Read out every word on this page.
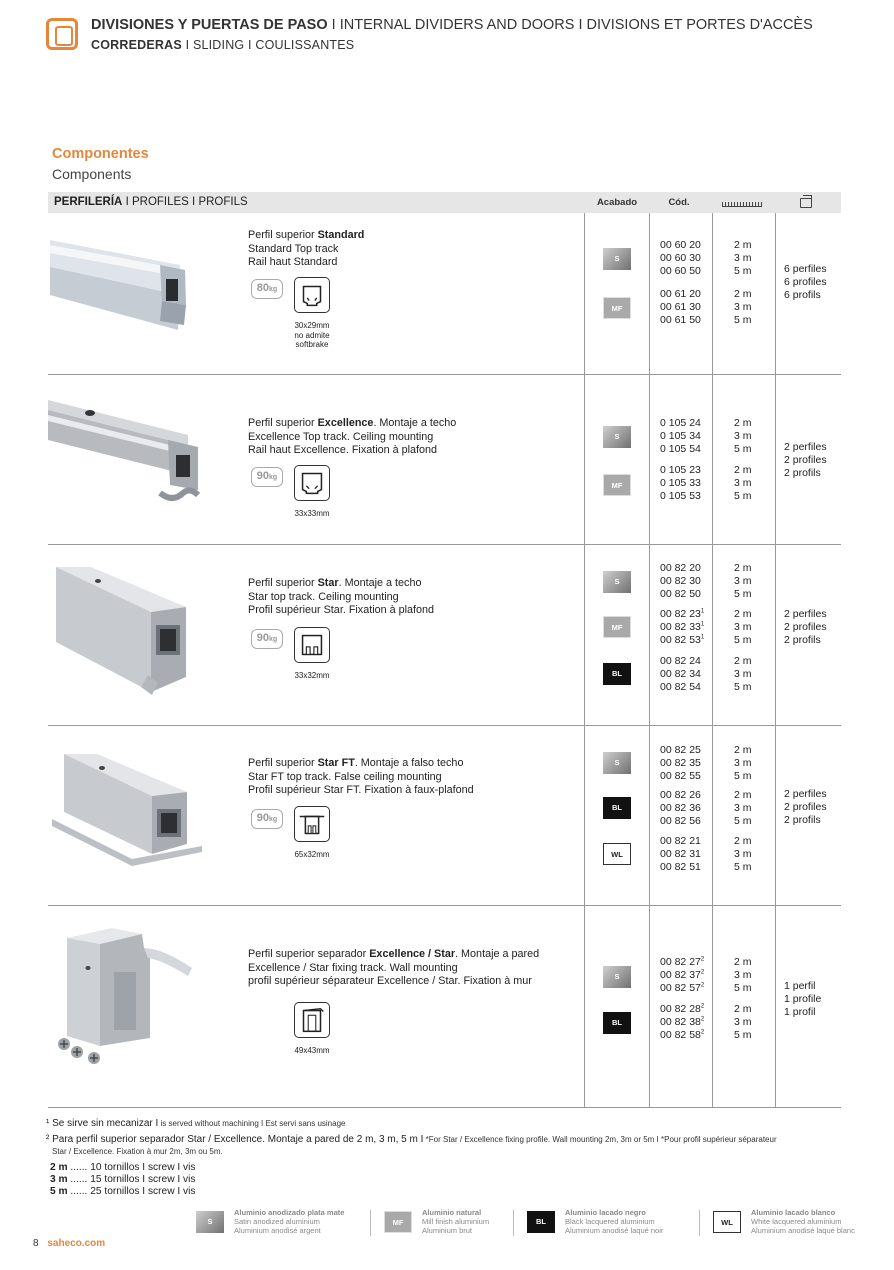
DIVISIONES Y PUERTAS DE PASO I INTERNAL DIVIDERS AND DOORS I DIVISIONS ET PORTES D'ACCÈS
CORREDERAS I SLIDING I COULISSANTES
Componentes
Components
PERFILERÍA I PROFILES I PROFILS	Acabado	Cód.
Perfil superior Standard
Standard Top track
Rail haut Standard
80kg
30x29mm
no admite
softbrake
S
MF
00 60 20
00 60 30
00 60 50
2 m
3 m
5 m
00 61 20
00 61 30
00 61 50
2 m
3 m
5 m
6 perfiles
6 profiles
6 profils
Perfil superior Excellence. Montaje a techo
Excellence Top track. Ceiling mounting
Rail haut Excellence. Fixation à plafond
90kg
33x33mm
S
MF
0 105 24
0 105 34
0 105 54
2 m
3 m
5 m
0 105 23
0 105 33
0 105 53
2 m
3 m
5 m
2 perfiles
2 profiles
2 profils
Perfil superior Star. Montaje a techo
Star top track. Ceiling mounting
Profil supérieur Star. Fixation à plafond
90kg
33x32mm
S
MF
BL
00 82 20
00 82 30
00 82 50
2 m
3 m
5 m
00 82 $23^1$
00 82 $33^1$
00 82 $53^1$
2 m
3 m
5 m
00 82 24
00 82 34
00 82 54
2 m
3 m
5 m
2 perfiles
2 profiles
2 profils
Perfil superior Star FT. Montaje a falso techo
Star FT top track. False ceiling mounting
Profil supérieur Star FT. Fixation à faux-plafond
90kg
65x32mm
S
BL
WL
00 82 25
00 82 35
00 82 55
2 m
3 m
5 m
00 82 26
00 82 36
00 82 56
2 m
3 m
5 m
00 82 21
00 82 31
00 82 51
2 m
3 m
5 m
2 perfiles
2 profiles
2 profils
Perfil superior separador Excellence / Star. Montaje a pared
Excellence / Star fixing track. Wall mounting
profil supérieur séparateur Excellence / Star. Fixation à mur
49x43mm
S
BL
00 82 $27^2$
00 82 $37^2$
00 82 $57^2$
2 m
3 m
5 m
00 82 $28^2$
00 82 $38^2$
00 82 $58^2$
2 m
3 m
5 m
1 perfil
1 profile
1 profil
¹ Se sirve sin mecanizar I is served without machining I Est servi sans usinage
² Para perfil superior separador Star / Excellence. Montaje a pared de 2 m, 3 m, 5 m I *For Star / Excellence fixing profile. Wall mounting 2m, 3m or 5m I *Pour profil supérieur séparateur
Star / Excellence. Fixation à mur 2m, 3m ou 5m.
2 m ...... 10 tornillos I screw I vis
3 m ...... 15 tornillos I screw I vis
5 m ...... 25 tornillos I screw I vis
S
Aluminio anodizado plata mate
Satin anodized aluminium
Aluminium anodisé argent
MF
Aluminio natural
Mill finish aluminium
Aluminium brut
BL
Aluminio lacado negro
Black lacquered aluminium
Aluminium anodisé laqué noir
WL
Aluminio lacado blanco
White lacquered aluminium
Aluminium anodisé laqué blanc
8 saheco.com
